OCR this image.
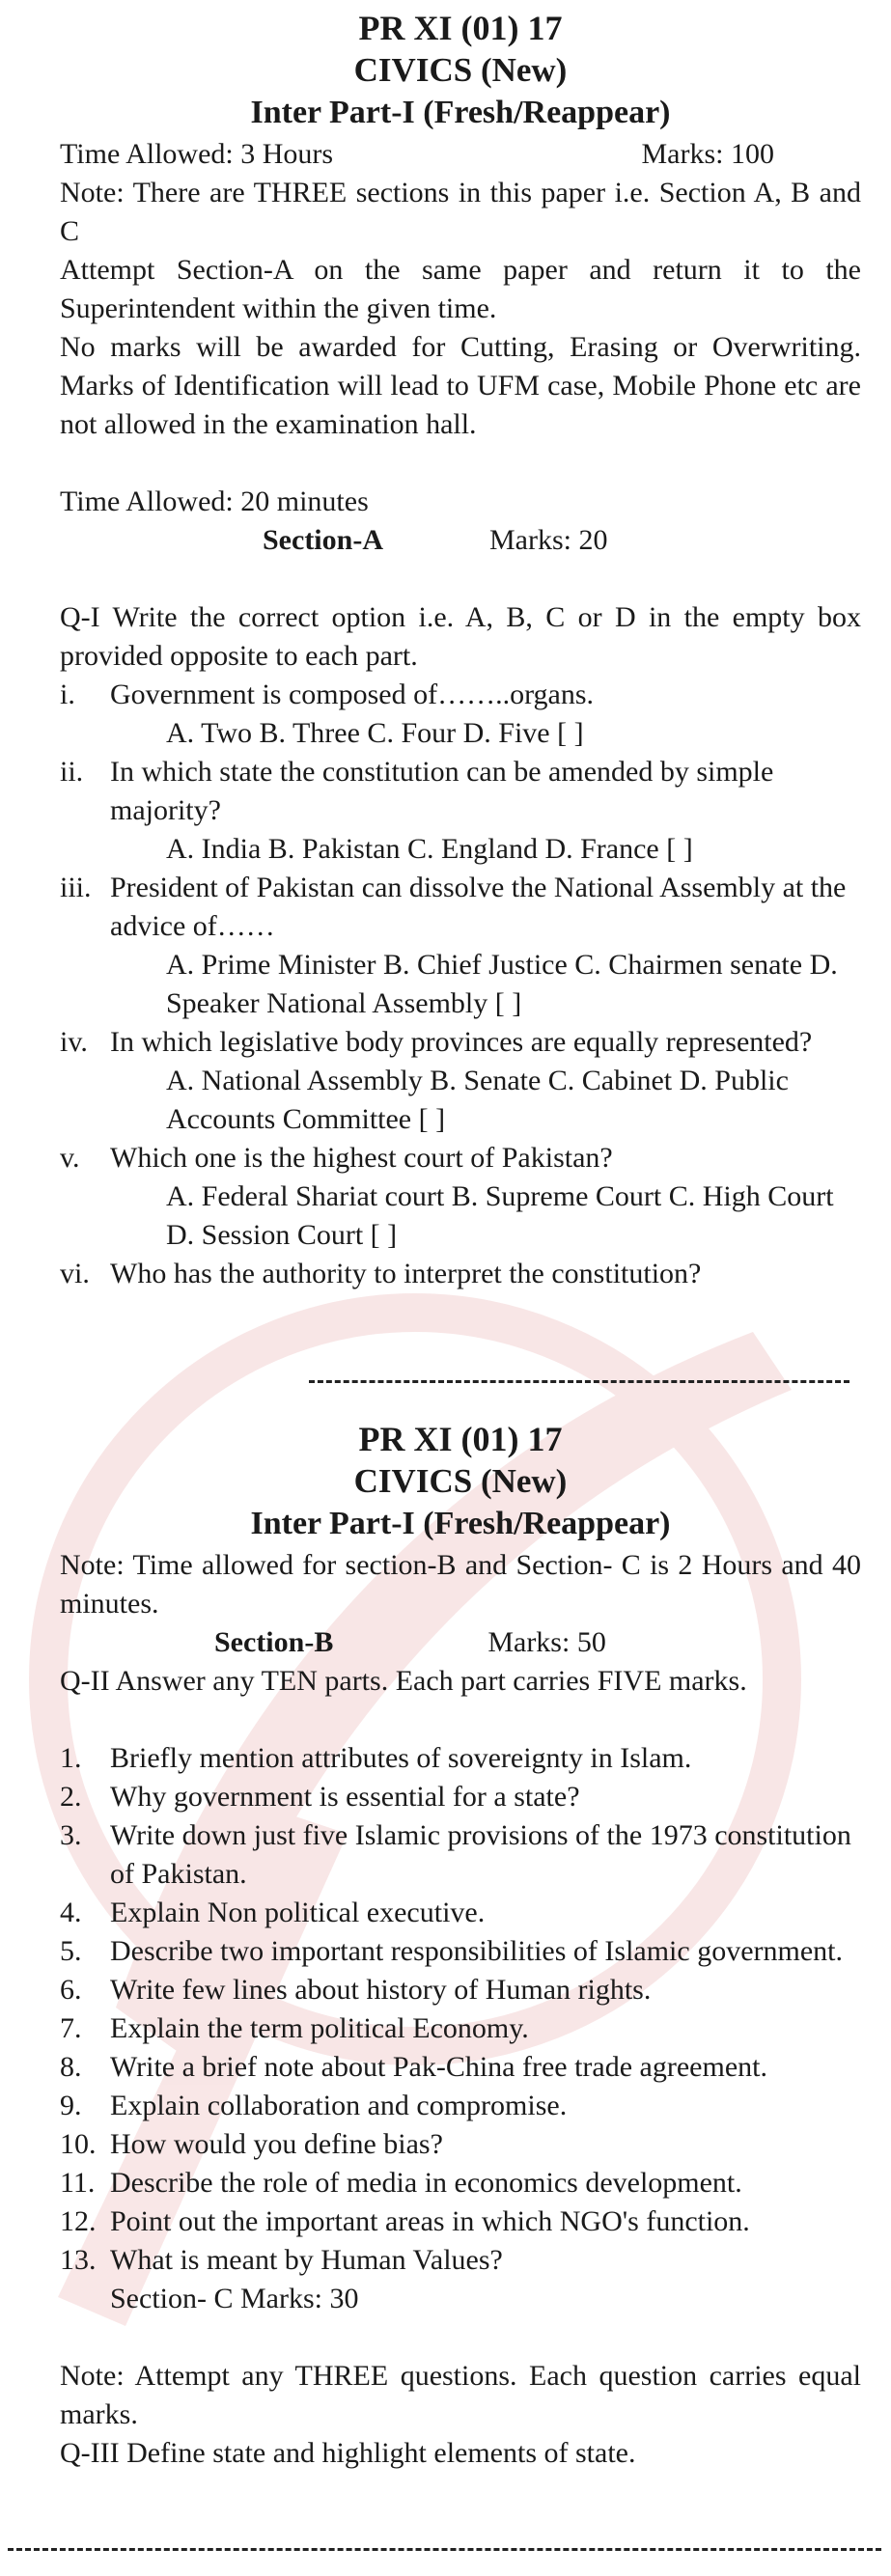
PR XI (01) 17
CIVICS (New)
Inter Part-I (Fresh/Reappear)
Time Allowed: 3 Hours	Marks: 100
Note: There are THREE sections in this paper i.e. Section A, B and C
Attempt Section-A on the same paper and return it to the Superintendent within the given time.
No marks will be awarded for Cutting, Erasing or Overwriting. Marks of Identification will lead to UFM case, Mobile Phone etc are not allowed in the examination hall.
Time Allowed: 20 minutes
Section-A	Marks: 20
Q-I Write the correct option i.e. A, B, C or D in the empty box provided opposite to each part.
i. Government is composed of……..organs.
A. Two B. Three C. Four D. Five [ ]
ii. In which state the constitution can be amended by simple majority?
A. India B. Pakistan C. England D. France [ ]
iii. President of Pakistan can dissolve the National Assembly at the advice of……
A. Prime Minister B. Chief Justice C. Chairmen senate D. Speaker National Assembly [ ]
iv. In which legislative body provinces are equally represented?
A. National Assembly B. Senate C. Cabinet D. Public Accounts Committee [ ]
v. Which one is the highest court of Pakistan?
A. Federal Shariat court B. Supreme Court C. High Court D. Session Court [ ]
vi. Who has the authority to interpret the constitution?
PR XI (01) 17
CIVICS (New)
Inter Part-I (Fresh/Reappear)
Note: Time allowed for section-B and Section- C is 2 Hours and 40 minutes.
Section-B	Marks: 50
Q-II Answer any TEN parts. Each part carries FIVE marks.
1. Briefly mention attributes of sovereignty in Islam.
2. Why government is essential for a state?
3. Write down just five Islamic provisions of the 1973 constitution of Pakistan.
4. Explain Non political executive.
5. Describe two important responsibilities of Islamic government.
6. Write few lines about history of Human rights.
7. Explain the term political Economy.
8. Write a brief note about Pak-China free trade agreement.
9. Explain collaboration and compromise.
10. How would you define bias?
11. Describe the role of media in economics development.
12. Point out the important areas in which NGO's function.
13. What is meant by Human Values?
Section- C Marks: 30
Note: Attempt any THREE questions. Each question carries equal marks.
Q-III Define state and highlight elements of state.
